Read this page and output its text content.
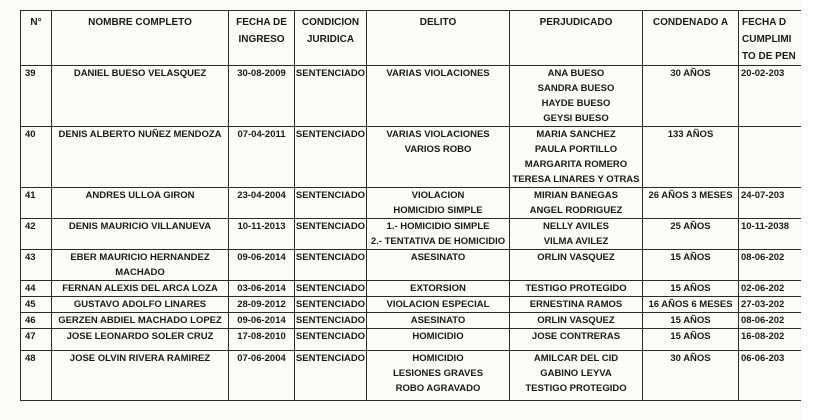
N°	NOMBRE COMPLETO	FECHA DE
INGRESO	CONDICION
JURIDICA	DELITO	PERJUDICADO	CONDENADO A	FECHA D
CUMPLIMI
TO DE PEN

39	DANIEL BUESO VELASQUEZ	30-08-2009	SENTENCIADO	VARIAS VIOLACIONES	ANA BUESO
SANDRA BUESO
HAYDE BUESO
GEYSI BUESO	30 AÑOS	20-02-203

40	DENIS ALBERTO NUÑEZ MENDOZA	07-04-2011	SENTENCIADO	VARIAS VIOLACIONES
VARIOS ROBO	MARIA SANCHEZ
PAULA PORTILLO
MARGARITA ROMERO
TERESA LINARES Y OTRAS	133 AÑOS	

41	ANDRES ULLOA GIRON	23-04-2004	SENTENCIADO	VIOLACION
HOMICIDIO SIMPLE	MIRIAN BANEGAS
ANGEL RODRIGUEZ	26 AÑOS 3 MESES	24-07-203

42	DENIS MAURICIO VILLANUEVA	10-11-2013	SENTENCIADO	1.- HOMICIDIO SIMPLE
2.- TENTATIVA DE HOMICIDIO	NELLY AVILES
VILMA AVILEZ	25 AÑOS	10-11-2038

43	EBER MAURICIO HERNANDEZ
MACHADO	09-06-2014	SENTENCIADO	ASESINATO	ORLIN VASQUEZ	15 AÑOS	08-06-202

44	FERNAN ALEXIS DEL ARCA LOZA	03-06-2014	SENTENCIADO	EXTORSION	TESTIGO PROTEGIDO	15 AÑOS	02-06-202

45	GUSTAVO ADOLFO LINARES	28-09-2012	SENTENCIADO	VIOLACION ESPECIAL	ERNESTINA RAMOS	16 AÑOS 6 MESES	27-03-202

46	GERZEN ABDIEL MACHADO LOPEZ	09-06-2014	SENTENCIADO	ASESINATO	ORLIN VASQUEZ	15 AÑOS	08-06-202

47	JOSE LEONARDO SOLER CRUZ	17-08-2010	SENTENCIADO	HOMICIDIO	JOSE CONTRERAS	15 AÑOS	16-08-202

48	JOSE OLVIN RIVERA RAMIREZ	07-06-2004	SENTENCIADO	HOMICIDIO
LESIONES GRAVES
ROBO AGRAVADO	AMILCAR DEL CID
GABINO LEYVA
TESTIGO PROTEGIDO	30 AÑOS	06-06-203
